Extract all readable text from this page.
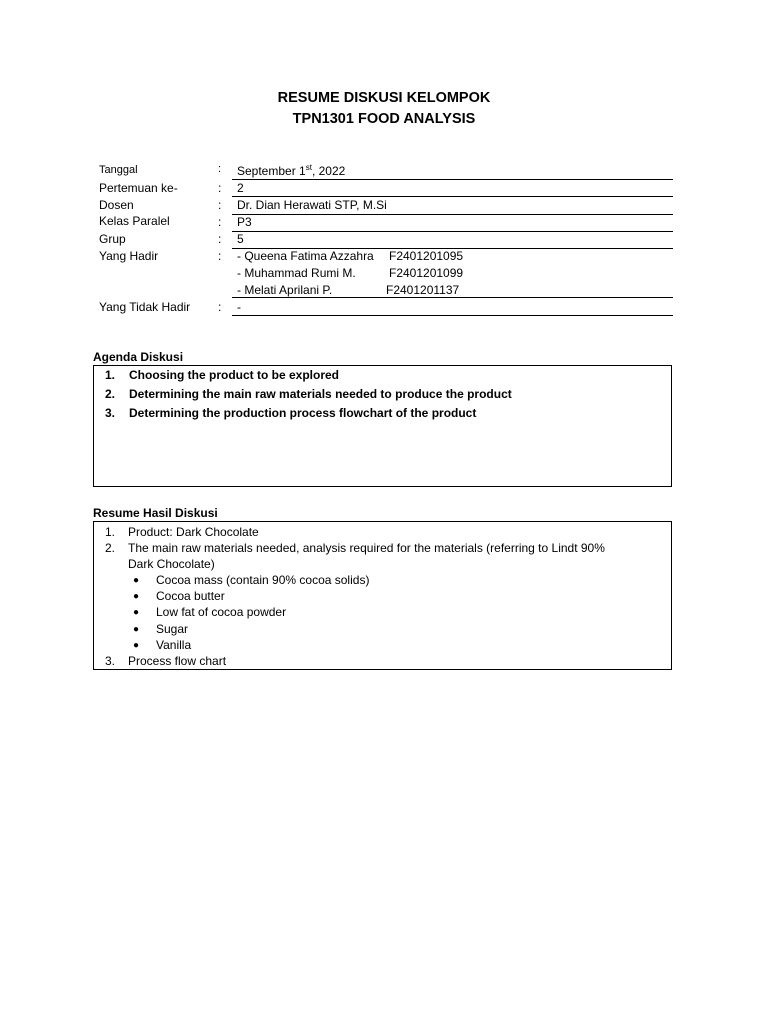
RESUME DISKUSI KELOMPOK
TPN1301 FOOD ANALYSIS
Tanggal	: September 1st, 2022
Pertemuan ke-	: 2
Dosen	: Dr. Dian Herawati STP, M.Si
Kelas Paralel	: P3
Grup	: 5
Yang Hadir	: - Queena Fatima Azzahra F2401201095
- Muhammad Rumi M.	F2401201099
- Melati Aprilani P.	F2401201137
Yang Tidak Hadir : -
Agenda Diskusi
1. Choosing the product to be explored
2. Determining the main raw materials needed to produce the product
3. Determining the production process flowchart of the product
Resume Hasil Diskusi
1. Product: Dark Chocolate
2. The main raw materials needed, analysis required for the materials (referring to Lindt 90%
Dark Chocolate)
● Cocoa mass (contain 90% cocoa solids)
● Cocoa butter
● Low fat of cocoa powder
● Sugar
● Vanilla
3. Process flow chart
